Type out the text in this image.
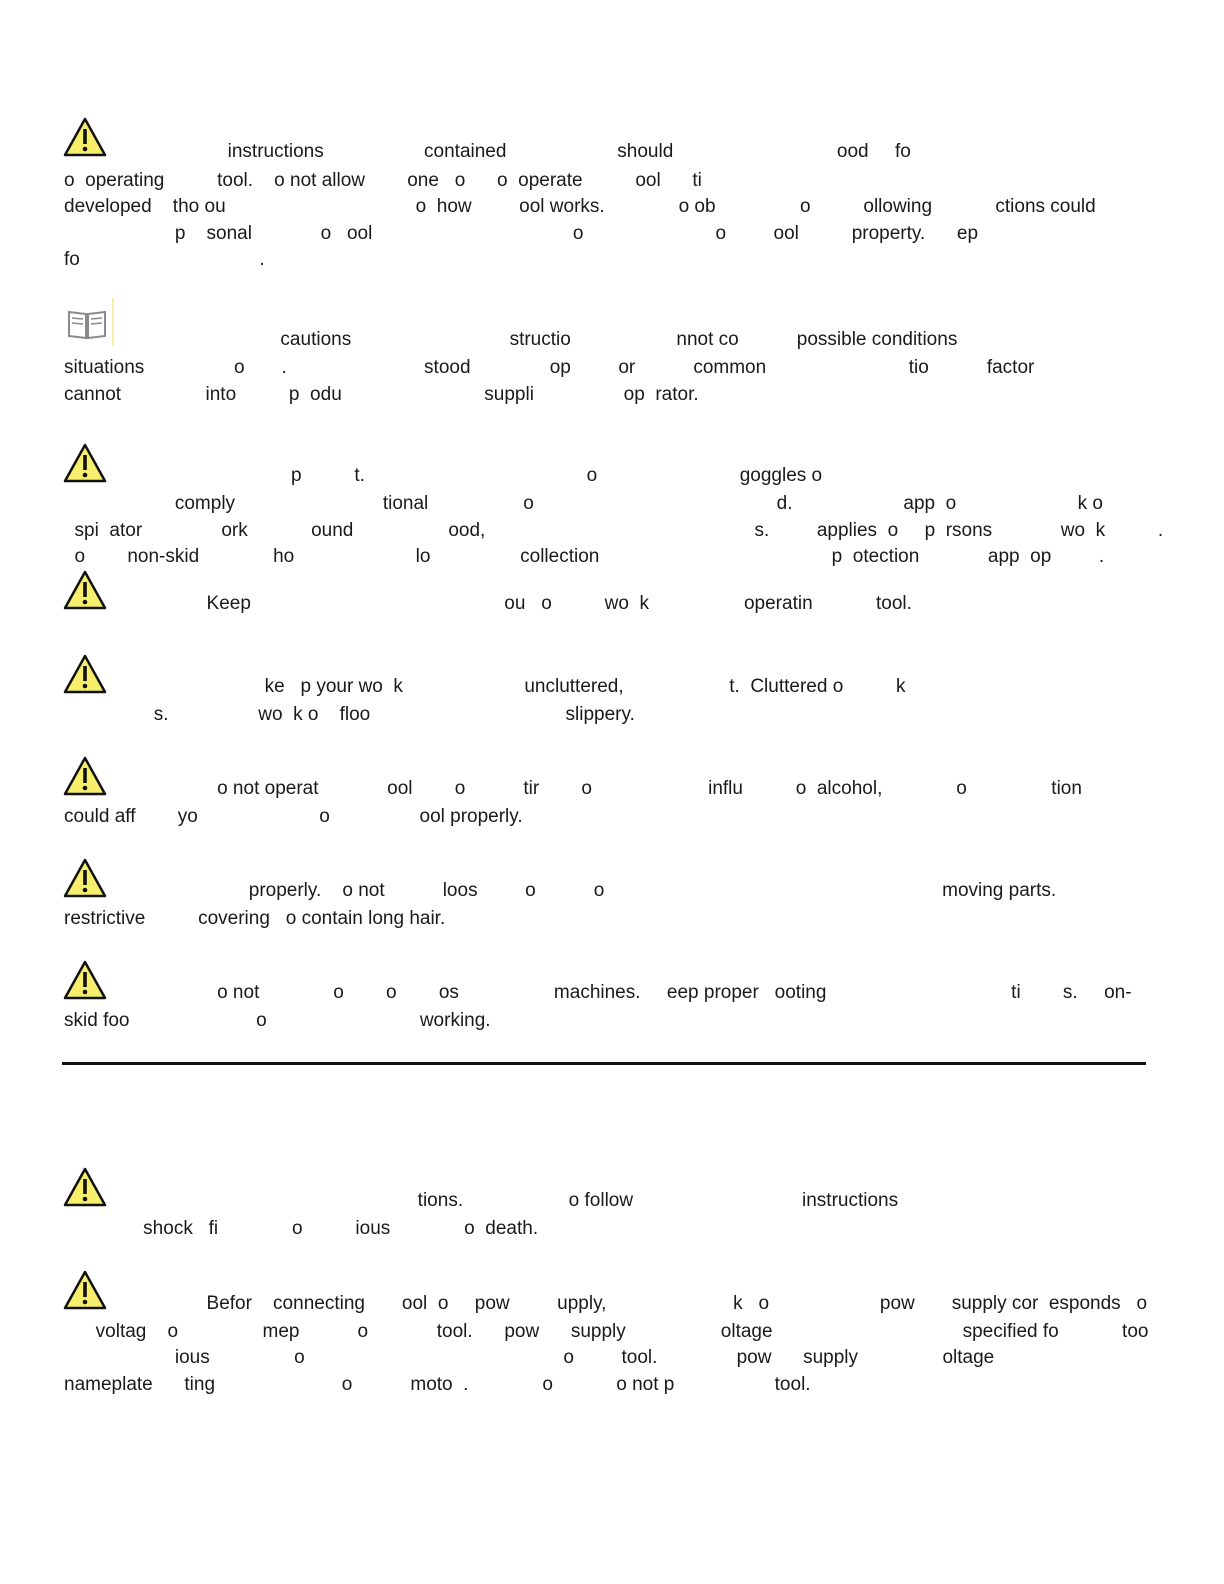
instructions                   contained                     should                               ood     fo
o  operating          tool.    o not allow        one   o      o  operate          ool      ti
developed    tho ou                                    o  how         ool works.              o ob                o          ollowing            ctions could
p    sonal             o   ool                                      o                         o         ool          property.      ep
fo                                  .
cautions                              structio                    nnot co           possible conditions
situations                 o       .                          stood               op         or           common                           tio           factor
cannot                into          p  odu                           suppli                 op  rator.
p          t.                                          o                           goggles o
comply                            tional                  o                                              d.                     app  o                       k o
spi  ator               ork            ound                  ood,                                                   s.         applies  o     p  rsons             wo  k          .
o        non-skid              ho                       lo                 collection                                            p  otection             app  op         .
Keep                                                ou   o          wo  k                  operatin            tool.
ke   p your wo  k                       uncluttered,                    t.  Cluttered o          k
s.                 wo  k o    floo                                     slippery.
o not operat             ool        o           tir        o                      influ          o  alcohol,              o                tion
could aff        yo                       o                 ool properly.
properly.    o not           loos         o           o                                                                moving parts.
restrictive          covering   o contain long hair.
o not              o        o        os                  machines.     eep proper   ooting                                   ti        s.     on-
skid foo                        o                             working.
tions.                    o follow                                instructions
shock   fi              o          ious              o  death.
Befor    connecting       ool  o     pow         upply,                        k   o                     pow       supply cor  esponds   o
voltag    o                mep           o             tool.      pow      supply                  oltage                                    specified fo            too
ious                o                                                 o         tool.               pow      supply                oltage
nameplate      ting                        o           moto  .              o            o not p                   tool.
